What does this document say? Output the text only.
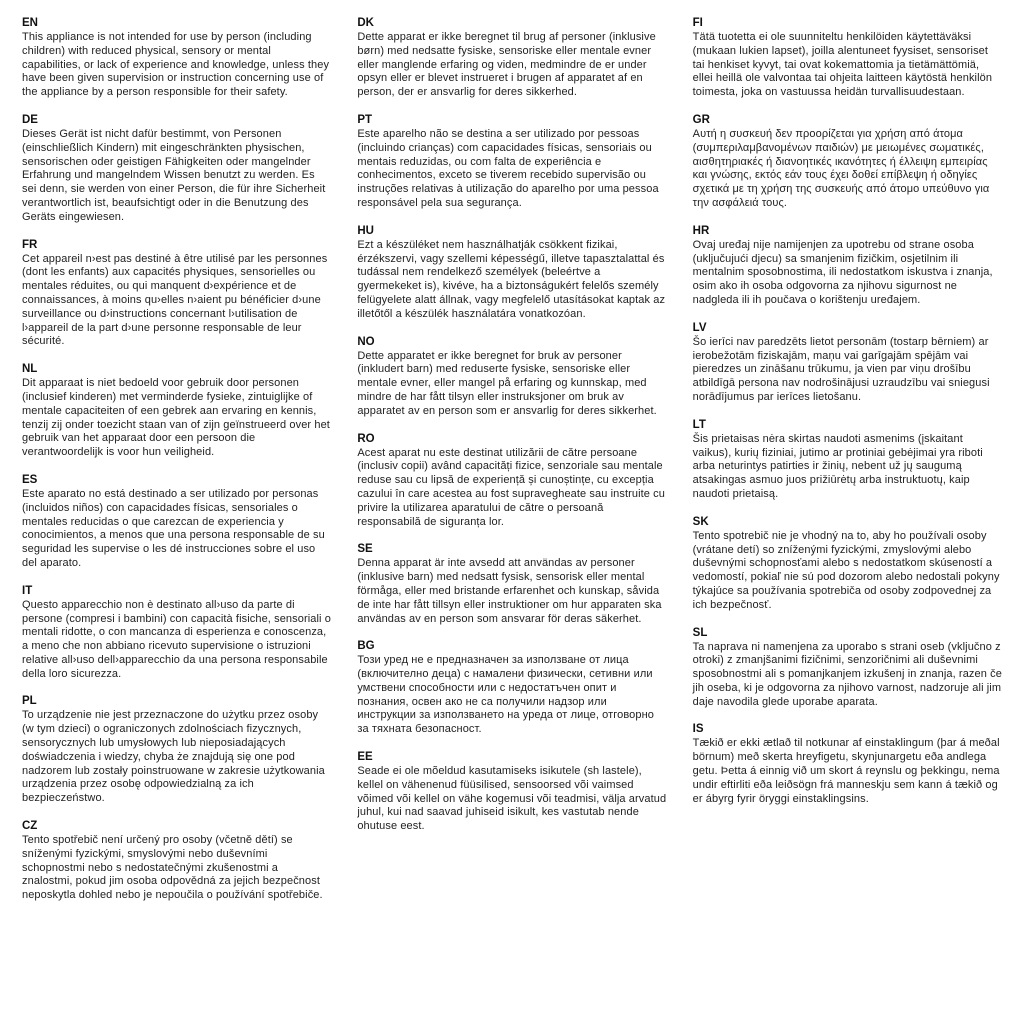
EN

This appliance is not intended for use by person (including children) with reduced physical, sensory or mental capabilities, or lack of experience and knowledge, unless they have been given supervision or instruction concerning use of the appliance by a person responsible for their safety.

DE

Dieses Gerät ist nicht dafür bestimmt, von Personen (einschließlich Kindern) mit eingeschränkten physischen, sensorischen oder geistigen Fähigkeiten oder mangelnder Erfahrung und mangelndem Wissen benutzt zu werden. Es sei denn, sie werden von einer Person, die für ihre Sicherheit verantwortlich ist, beaufsichtigt oder in die Benutzung des Geräts eingewiesen.

FR

Cet appareil n›est pas destiné à être utilisé par les personnes (dont les enfants) aux capacités physiques, sensorielles ou mentales réduites, ou qui manquent d›expérience et de connaissances, à moins qu›elles n›aient pu bénéficier d›une surveillance ou d›instructions concernant l›utilisation de l›appareil de la part d›une personne responsable de leur sécurité.

NL

Dit apparaat is niet bedoeld voor gebruik door personen (inclusief kinderen) met verminderde fysieke, zintuiglijke of mentale capaciteiten of een gebrek aan ervaring en kennis, tenzij zij onder toezicht staan van of zijn geïnstrueerd over het gebruik van het apparaat door een persoon die verantwoordelijk is voor hun veiligheid.

ES

Este aparato no está destinado a ser utilizado por personas (incluidos niños) con capacidades físicas, sensoriales o mentales reducidas o que carezcan de experiencia y conocimientos, a menos que una persona responsable de su seguridad les supervise o les dé instrucciones sobre el uso del aparato.

IT

Questo apparecchio non è destinato all›uso da parte di persone (compresi i bambini) con capacità fisiche, sensoriali o mentali ridotte, o con mancanza di esperienza e conoscenza, a meno che non abbiano ricevuto supervisione o istruzioni relative all›uso dell›apparecchio da una persona responsabile della loro sicurezza.

PL

To urządzenie nie jest przeznaczone do użytku przez osoby (w tym dzieci) o ograniczonych zdolnościach fizycznych, sensorycznych lub umysłowych lub nieposiadających doświadczenia i wiedzy, chyba że znajdują się one pod nadzorem lub zostały poinstruowane w zakresie użytkowania urządzenia przez osobę odpowiedzialną za ich bezpieczeństwo.

CZ

Tento spotřebič není určený pro osoby (včetně dětí) se sníženými fyzickými, smyslovými nebo duševními schopnostmi nebo s nedostatečnými zkušenostmi a znalostmi, pokud jim osoba odpovědná za jejich bezpečnost neposkytla dohled nebo je nepoučila o používání spotřebiče.

DK

Dette apparat er ikke beregnet til brug af personer (inklusive børn) med nedsatte fysiske, sensoriske eller mentale evner eller manglende erfaring og viden, medmindre de er under opsyn eller er blevet instrueret i brugen af apparatet af en person, der er ansvarlig for deres sikkerhed.

PT

Este aparelho não se destina a ser utilizado por pessoas (incluindo crianças) com capacidades físicas, sensoriais ou mentais reduzidas, ou com falta de experiência e conhecimentos, exceto se tiverem recebido supervisão ou instruções relativas à utilização do aparelho por uma pessoa responsável pela sua segurança.

HU

Ezt a készüléket nem használhatják csökkent fizikai, érzékszervi, vagy szellemi képességű, illetve tapasztalattal és tudással nem rendelkező személyek (beleértve a gyermekeket is), kivéve, ha a biztonságukért felelős személy felügyelete alatt állnak, vagy megfelelő utasításokat kaptak az illetőtől a készülék használatára vonatkozóan.

NO

Dette apparatet er ikke beregnet for bruk av personer (inkludert barn) med reduserte fysiske, sensoriske eller mentale evner, eller mangel på erfaring og kunnskap, med mindre de har fått tilsyn eller instruksjoner om bruk av apparatet av en person som er ansvarlig for deres sikkerhet.

RO

Acest aparat nu este destinat utilizării de către persoane (inclusiv copii) având capacități fizice, senzoriale sau mentale reduse sau cu lipsă de experiență și cunoștințe, cu excepția cazului în care acestea au fost supravegheate sau instruite cu privire la utilizarea aparatului de către o persoană responsabilă de siguranța lor.

SE

Denna apparat är inte avsedd att användas av personer (inklusive barn) med nedsatt fysisk, sensorisk eller mental förmåga, eller med bristande erfarenhet och kunskap, såvida de inte har fått tillsyn eller instruktioner om hur apparaten ska användas av en person som ansvarar för deras säkerhet.

BG

Този уред не е предназначен за използване от лица (включително деца) с намалени физически, сетивни или умствени способности или с недостатъчен опит и познания, освен ако не са получили надзор или инструкции за използването на уреда от лице, отговорно за тяхната безопасност.

EE

Seade ei ole mõeldud kasutamiseks isikutele (sh lastele), kellel on vähenenud füüsilised, sensoorsed või vaimsed võimed või kellel on vähe kogemusi või teadmisi, välja arvatud juhul, kui nad saavad juhiseid isikult, kes vastutab nende ohutuse eest.

FI

Tätä tuotetta ei ole suunniteltu henkilöiden käytettäväksi (mukaan lukien lapset), joilla alentuneet fyysiset, sensoriset tai henkiset kyvyt, tai ovat kokemattomia ja tietämättömiä, ellei heillä ole valvontaa tai ohjeita laitteen käytöstä henkilön toimesta, joka on vastuussa heidän turvallisuudestaan.

GR

Αυτή η συσκευή δεν προορίζεται για χρήση από άτομα (συμπεριλαμβανομένων παιδιών) με μειωμένες σωματικές, αισθητηριακές ή διανοητικές ικανότητες ή έλλειψη εμπειρίας και γνώσης, εκτός εάν τους έχει δοθεί επίβλεψη ή οδηγίες σχετικά με τη χρήση της συσκευής από άτομο υπεύθυνο για την ασφάλειά τους.

HR

Ovaj uređaj nije namijenjen za upotrebu od strane osoba (uključujući djecu) sa smanjenim fizičkim, osjetilnim ili mentalnim sposobnostima, ili nedostatkom iskustva i znanja, osim ako ih osoba odgovorna za njihovu sigurnost ne nadgleda ili ih poučava o korištenju uređajem.

LV

Šo ierīci nav paredzēts lietot personām (tostarp bērniem) ar ierobežotām fiziskajām, maņu vai garīgajām spējām vai pieredzes un zināšanu trūkumu, ja vien par viņu drošību atbildīgā persona nav nodrošinājusi uzraudzību vai sniegusi norādījumus par ierīces lietošanu.

LT

Šis prietaisas nėra skirtas naudoti asmenims (įskaitant vaikus), kurių fiziniai, jutimo ar protiniai gebėjimai yra riboti arba neturintys patirties ir žinių, nebent už jų saugumą atsakingas asmuo juos prižiūrėtų arba instruktuotų, kaip naudoti prietaisą.

SK

Tento spotrebič nie je vhodný na to, aby ho používali osoby (vrátane detí) so zníženými fyzickými, zmyslovými alebo duševnými schopnosťami alebo s nedostatkom skúseností a vedomostí, pokiaľ nie sú pod dozorom alebo nedostali pokyny týkajúce sa používania spotrebiča od osoby zodpovednej za ich bezpečnosť.

SL

Ta naprava ni namenjena za uporabo s strani oseb (vključno z otroki) z zmanjšanimi fizičnimi, senzoričnimi ali duševnimi sposobnostmi ali s pomanjkanjem izkušenj in znanja, razen če jih oseba, ki je odgovorna za njihovo varnost, nadzoruje ali jim daje navodila glede uporabe aparata.

IS

Tækið er ekki ætlað til notkunar af einstaklingum (þar á meðal börnum) með skerta hreyfigetu, skynjunargetu eða andlega getu. Þetta á einnig við um skort á reynslu og þekkingu, nema undir eftirliti eða leiðsögn frá manneskju sem kann á tækið og er ábyrg fyrir öryggi einstaklingsins.
